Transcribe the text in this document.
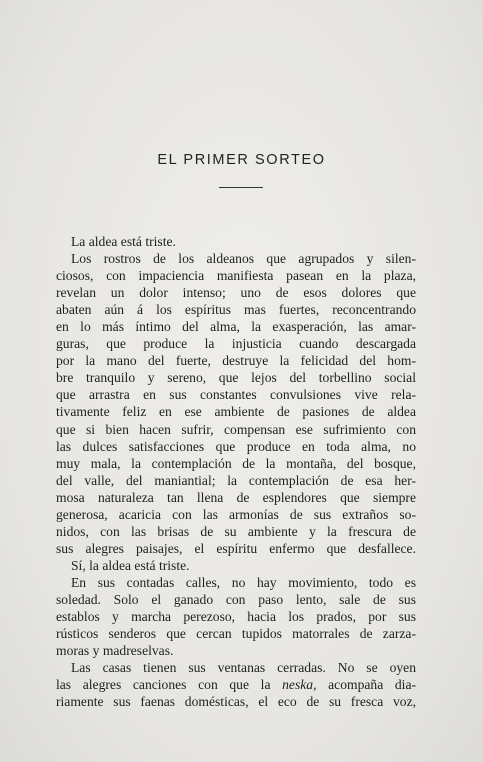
EL PRIMER SORTEO
La aldea está triste.
Los rostros de los aldeanos que agrupados y silen-
ciosos, con impaciencia manifiesta pasean en la plaza,
revelan un dolor intenso; uno de esos dolores que
abaten aún á los espíritus mas fuertes, reconcentrando
en lo más íntimo del alma, la exasperación, las amar-
guras, que produce la injusticia cuando descargada
por la mano del fuerte, destruye la felicidad del hom-
bre tranquilo y sereno, que lejos del torbellino social
que arrastra en sus constantes convulsiones vive rela-
tivamente feliz en ese ambiente de pasiones de aldea
que si bien hacen sufrir, compensan ese sufrimiento con
las dulces satisfacciones que produce en toda alma, no
muy mala, la contemplación de la montaña, del bosque,
del valle, del maniantial; la contemplación de esa her-
mosa naturaleza tan llena de esplendores que siempre
generosa, acaricia con las armonías de sus extraños so-
nidos, con las brisas de su ambiente y la frescura de
sus alegres paisajes, el espíritu enfermo que desfallece.
Sí, la aldea está triste.
En sus contadas calles, no hay movimiento, todo es
soledad. Solo el ganado con paso lento, sale de sus
establos y marcha perezoso, hacia los prados, por sus
rústicos senderos que cercan tupidos matorrales de zarza-
moras y madreselvas.
Las casas tienen sus ventanas cerradas. No se oyen
las alegres canciones con que la neska, acompaña dia-
riamente sus faenas domésticas, el eco de su fresca voz,
